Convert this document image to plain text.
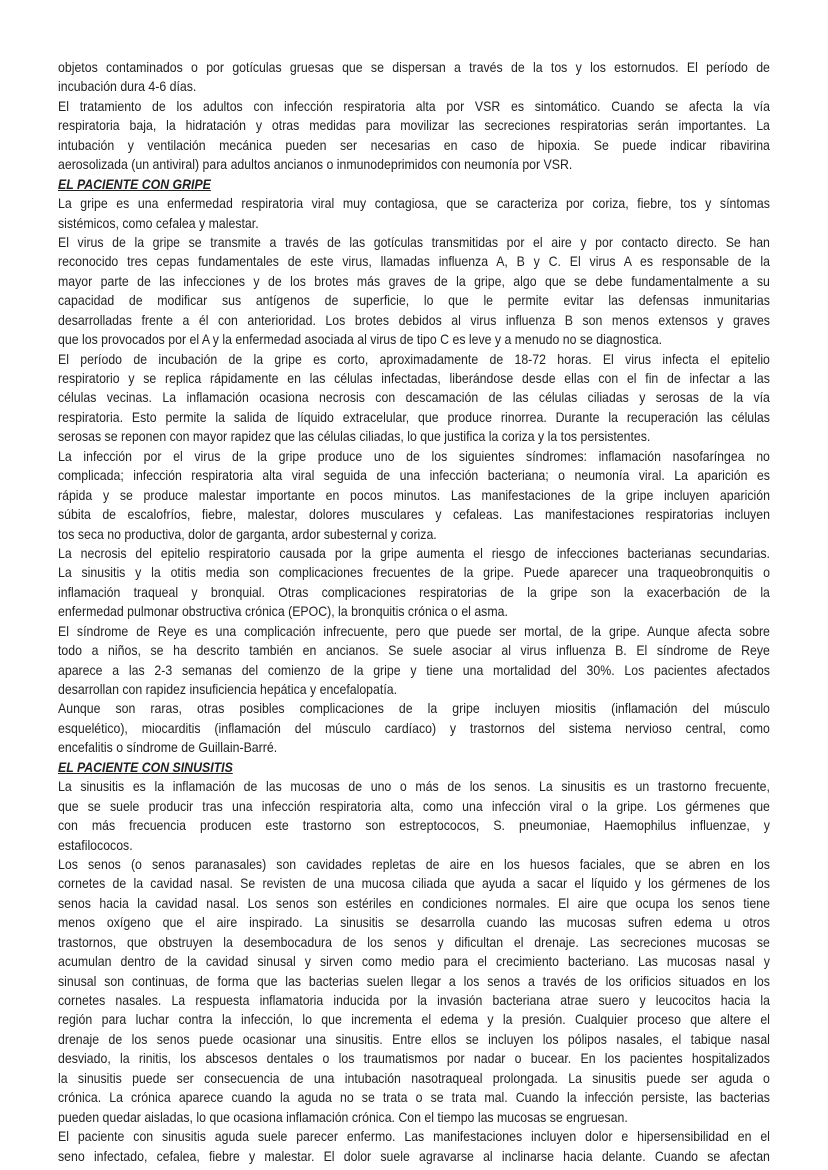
objetos contaminados o por gotículas gruesas que se dispersan a través de la tos y los estornudos. El período de
incubación dura 4-6 días.
El tratamiento de los adultos con infección respiratoria alta por VSR es sintomático. Cuando se afecta la vía
respiratoria baja, la hidratación y otras medidas para movilizar las secreciones respiratorias serán importantes. La
intubación y ventilación mecánica pueden ser necesarias en caso de hipoxia. Se puede indicar ribavirina
aerosolizada (un antiviral) para adultos ancianos o inmunodeprimidos con neumonía por VSR.
EL PACIENTE CON GRIPE
La gripe es una enfermedad respiratoria viral muy contagiosa, que se caracteriza por coriza, fiebre, tos y síntomas
sistémicos, como cefalea y malestar.
El virus de la gripe se transmite a través de las gotículas transmitidas por el aire y por contacto directo. Se han
reconocido tres cepas fundamentales de este virus, llamadas influenza A, B y C. El virus A es responsable de la
mayor parte de las infecciones y de los brotes más graves de la gripe, algo que se debe fundamentalmente a su
capacidad de modificar sus antígenos de superficie, lo que le permite evitar las defensas inmunitarias
desarrolladas frente a él con anterioridad. Los brotes debidos al virus influenza B son menos extensos y graves
que los provocados por el A y la enfermedad asociada al virus de tipo C es leve y a menudo no se diagnostica.
El período de incubación de la gripe es corto, aproximadamente de 18-72 horas. El virus infecta el epitelio
respiratorio y se replica rápidamente en las células infectadas, liberándose desde ellas con el fin de infectar a las
células vecinas. La inflamación ocasiona necrosis con descamación de las células ciliadas y serosas de la vía
respiratoria. Esto permite la salida de líquido extracelular, que produce rinorrea. Durante la recuperación las células
serosas se reponen con mayor rapidez que las células ciliadas, lo que justifica la coriza y la tos persistentes.
La infección por el virus de la gripe produce uno de los siguientes síndromes: inflamación nasofaríngea no
complicada; infección respiratoria alta viral seguida de una infección bacteriana; o neumonía viral. La aparición es
rápida y se produce malestar importante en pocos minutos. Las manifestaciones de la gripe incluyen aparición
súbita de escalofríos, fiebre, malestar, dolores musculares y cefaleas. Las manifestaciones respiratorias incluyen
tos seca no productiva, dolor de garganta, ardor subesternal y coriza.
La necrosis del epitelio respiratorio causada por la gripe aumenta el riesgo de infecciones bacterianas secundarias.
La sinusitis y la otitis media son complicaciones frecuentes de la gripe. Puede aparecer una traqueobronquitis o
inflamación traqueal y bronquial. Otras complicaciones respiratorias de la gripe son la exacerbación de la
enfermedad pulmonar obstructiva crónica (EPOC), la bronquitis crónica o el asma.
El síndrome de Reye es una complicación infrecuente, pero que puede ser mortal, de la gripe. Aunque afecta sobre
todo a niños, se ha descrito también en ancianos. Se suele asociar al virus influenza B. El síndrome de Reye
aparece a las 2-3 semanas del comienzo de la gripe y tiene una mortalidad del 30%. Los pacientes afectados
desarrollan con rapidez insuficiencia hepática y encefalopatía.
Aunque son raras, otras posibles complicaciones de la gripe incluyen miositis (inflamación del músculo
esquelético), miocarditis (inflamación del músculo cardíaco) y trastornos del sistema nervioso central, como
encefalitis o síndrome de Guillain-Barré.
EL PACIENTE CON SINUSITIS
La sinusitis es la inflamación de las mucosas de uno o más de los senos. La sinusitis es un trastorno frecuente,
que se suele producir tras una infección respiratoria alta, como una infección viral o la gripe. Los gérmenes que
con más frecuencia producen este trastorno son estreptococos, S. pneumoniae, Haemophilus influenzae, y
estafilococos.
Los senos (o senos paranasales) son cavidades repletas de aire en los huesos faciales, que se abren en los
cornetes de la cavidad nasal. Se revisten de una mucosa ciliada que ayuda a sacar el líquido y los gérmenes de los
senos hacia la cavidad nasal. Los senos son estériles en condiciones normales. El aire que ocupa los senos tiene
menos oxígeno que el aire inspirado. La sinusitis se desarrolla cuando las mucosas sufren edema u otros
trastornos, que obstruyen la desembocadura de los senos y dificultan el drenaje. Las secreciones mucosas se
acumulan dentro de la cavidad sinusal y sirven como medio para el crecimiento bacteriano. Las mucosas nasal y
sinusal son continuas, de forma que las bacterias suelen llegar a los senos a través de los orificios situados en los
cornetes nasales. La respuesta inflamatoria inducida por la invasión bacteriana atrae suero y leucocitos hacia la
región para luchar contra la infección, lo que incrementa el edema y la presión. Cualquier proceso que altere el
drenaje de los senos puede ocasionar una sinusitis. Entre ellos se incluyen los pólipos nasales, el tabique nasal
desviado, la rinitis, los abscesos dentales o los traumatismos por nadar o bucear. En los pacientes hospitalizados
la sinusitis puede ser consecuencia de una intubación nasotraqueal prolongada. La sinusitis puede ser aguda o
crónica. La crónica aparece cuando la aguda no se trata o se trata mal. Cuando la infección persiste, las bacterias
pueden quedar aisladas, lo que ocasiona inflamación crónica. Con el tiempo las mucosas se engruesan.
El paciente con sinusitis aguda suele parecer enfermo. Las manifestaciones incluyen dolor e hipersensibilidad en el
seno infectado, cefalea, fiebre y malestar. El dolor suele agravarse al inclinarse hacia delante. Cuando se afectan
